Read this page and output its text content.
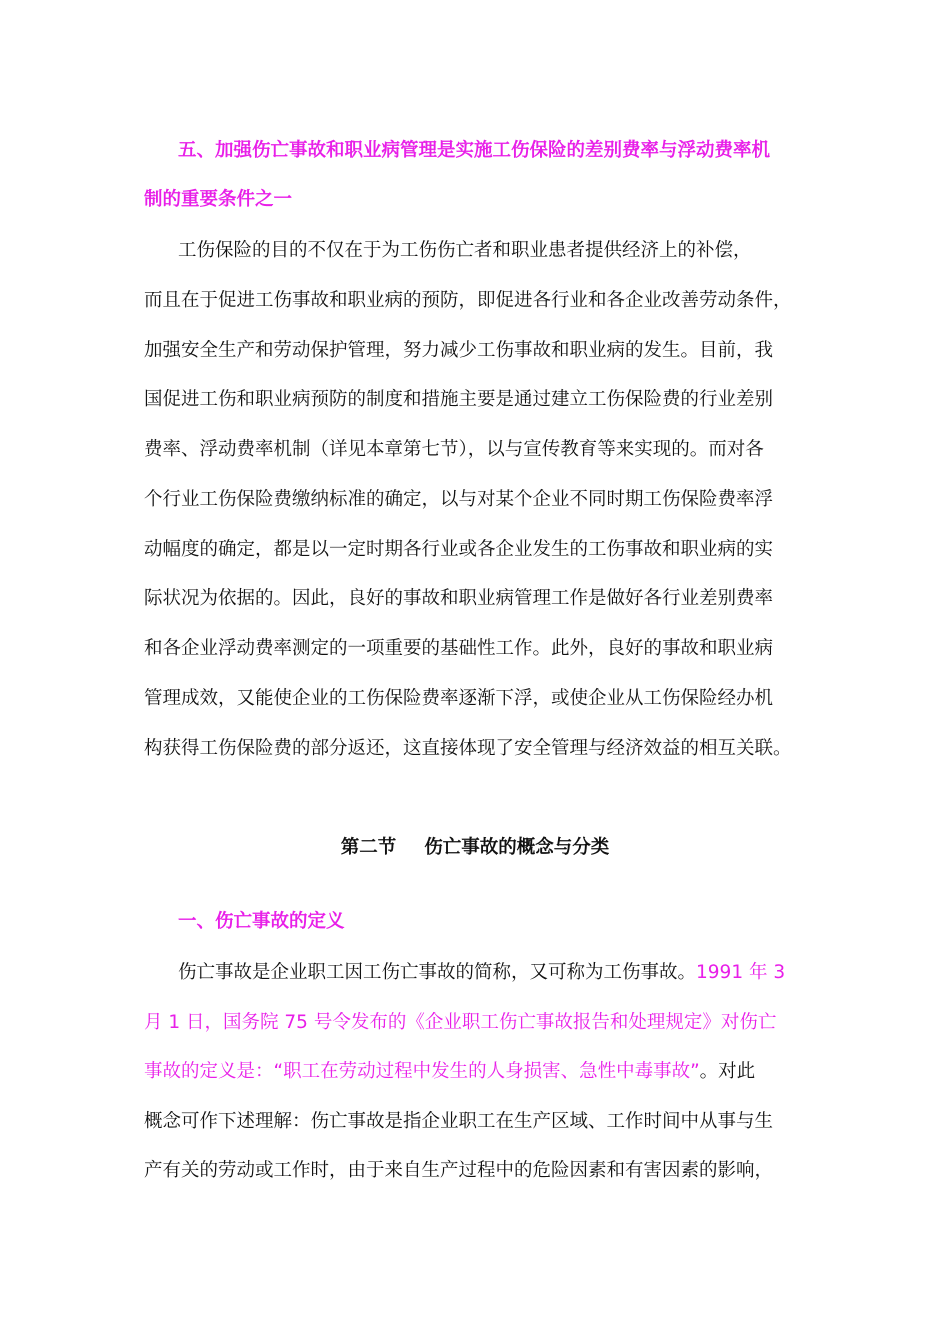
五、加强伤亡事故和职业病管理是实施工伤保险的差别费率与浮动费率机
制的重要条件之一
工伤保险的目的不仅在于为工伤伤亡者和职业患者提供经济上的补偿，
而且在于促进工伤事故和职业病的预防，即促进各行业和各企业改善劳动条件，
加强安全生产和劳动保护管理，努力减少工伤事故和职业病的发生。目前，我
国促进工伤和职业病预防的制度和措施主要是通过建立工伤保险费的行业差别
费率、浮动费率机制（详见本章第七节），以与宣传教育等来实现的。而对各
个行业工伤保险费缴纳标准的确定，以与对某个企业不同时期工伤保险费率浮
动幅度的确定，都是以一定时期各行业或各企业发生的工伤事故和职业病的实
际状况为依据的。因此，良好的事故和职业病管理工作是做好各行业差别费率
和各企业浮动费率测定的一项重要的基础性工作。此外，良好的事故和职业病
管理成效，又能使企业的工伤保险费率逐渐下浮，或使企业从工伤保险经办机
构获得工伤保险费的部分返还，这直接体现了安全管理与经济效益的相互关联。
第二节 伤亡事故的概念与分类
一、伤亡事故的定义
伤亡事故是企业职工因工伤亡事故的简称，又可称为工伤事故。1991 年 3
月 1 日，国务院 75 号令发布的《企业职工伤亡事故报告和处理规定》对伤亡
事故的定义是：“职工在劳动过程中发生的人身损害、急性中毒事故”。对此
概念可作下述理解：伤亡事故是指企业职工在生产区域、工作时间中从事与生
产有关的劳动或工作时，由于来自生产过程中的危险因素和有害因素的影响，
